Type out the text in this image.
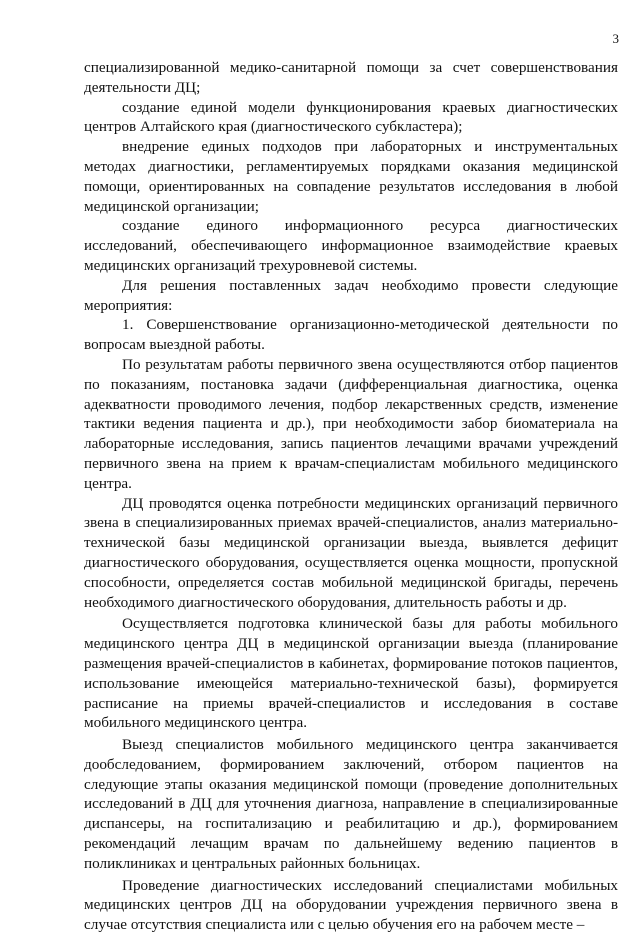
3

специализированной медико-санитарной помощи за счет совершенствования деятельности ДЦ;

создание единой модели функционирования краевых диагностических центров Алтайского края (диагностического субкластера);

внедрение единых подходов при лабораторных и инструментальных методах диагностики, регламентируемых порядками оказания медицинской помощи, ориентированных на совпадение результатов исследования в любой медицинской организации;

создание единого информационного ресурса диагностических исследований, обеспечивающего информационное взаимодействие краевых медицинских организаций трехуровневой системы.

Для решения поставленных задач необходимо провести следующие мероприятия:

1. Совершенствование организационно-методической деятельности по вопросам выездной работы.

По результатам работы первичного звена осуществляются отбор пациентов по показаниям, постановка задачи (дифференциальная диагностика, оценка адекватности проводимого лечения, подбор лекарственных средств, изменение тактики ведения пациента и др.), при необходимости забор биоматериала на лабораторные исследования, запись пациентов лечащими врачами учреждений первичного звена на прием к врачам-специалистам мобильного медицинского центра.

ДЦ проводятся оценка потребности медицинских организаций первичного звена в специализированных приемах врачей-специалистов, анализ материально-технической базы медицинской организации выезда, выявлется дефицит диагностического оборудования, осуществляется оценка мощности, пропускной способности, определяется состав мобильной медицинской бригады, перечень необходимого диагностического оборудования, длительность работы и др.

Осуществляется подготовка клинической базы для работы мобильного медицинского центра ДЦ в медицинской организации выезда (планирование размещения врачей-специалистов в кабинетах, формирование потоков пациентов, использование имеющейся материально-технической базы), формируется расписание на приемы врачей-специалистов и исследования в составе мобильного медицинского центра.

Выезд специалистов мобильного медицинского центра заканчивается дообследованием, формированием заключений, отбором пациентов на следующие этапы оказания медицинской помощи (проведение дополнительных исследований в ДЦ для уточнения диагноза, направление в специализированные диспансеры, на госпитализацию и реабилитацию и др.), формированием рекомендаций лечащим врачам по дальнейшему ведению пациентов в поликлиниках и центральных районных больницах.

Проведение диагностических исследований специалистами мобильных медицинских центров ДЦ на оборудовании учреждения первичного звена в случае отсутствия специалиста или с целью обучения его на рабочем месте –
